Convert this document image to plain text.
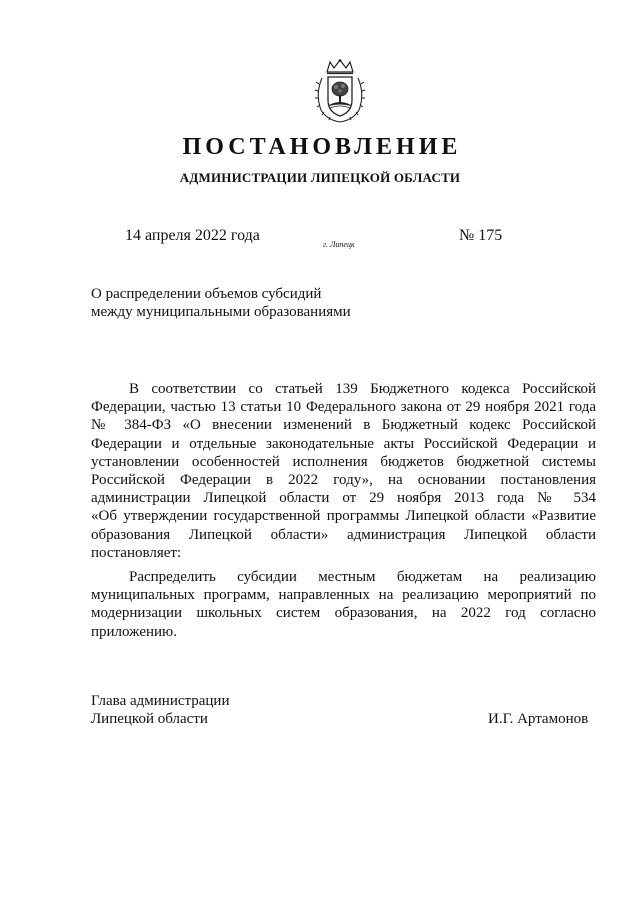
ПОСТАНОВЛЕНИЕ
АДМИНИСТРАЦИИ ЛИПЕЦКОЙ ОБЛАСТИ
14 апреля 2022 года
г. Липецк
№ 175
О распределении объемов субсидий
между муниципальными образованиями
В соответствии со статьей 139 Бюджетного кодекса Российской
Федерации, частью 13 статьи 10 Федерального закона от 29 ноября 2021 года
№ 384-ФЗ «О внесении изменений в Бюджетный кодекс Российской
Федерации и отдельные законодательные акты Российской Федерации и
установлении особенностей исполнения бюджетов бюджетной системы
Российской Федерации в 2022 году», на основании постановления
администрации Липецкой области от 29 ноября 2013 года № 534
«Об утверждении государственной программы Липецкой области «Развитие
образования Липецкой области» администрация Липецкой области
постановляет:
Распределить субсидии местным бюджетам на реализацию
муниципальных программ, направленных на реализацию мероприятий по
модернизации школьных систем образования, на 2022 год согласно
приложению.
Глава администрации
Липецкой области	И.Г. Артамонов
